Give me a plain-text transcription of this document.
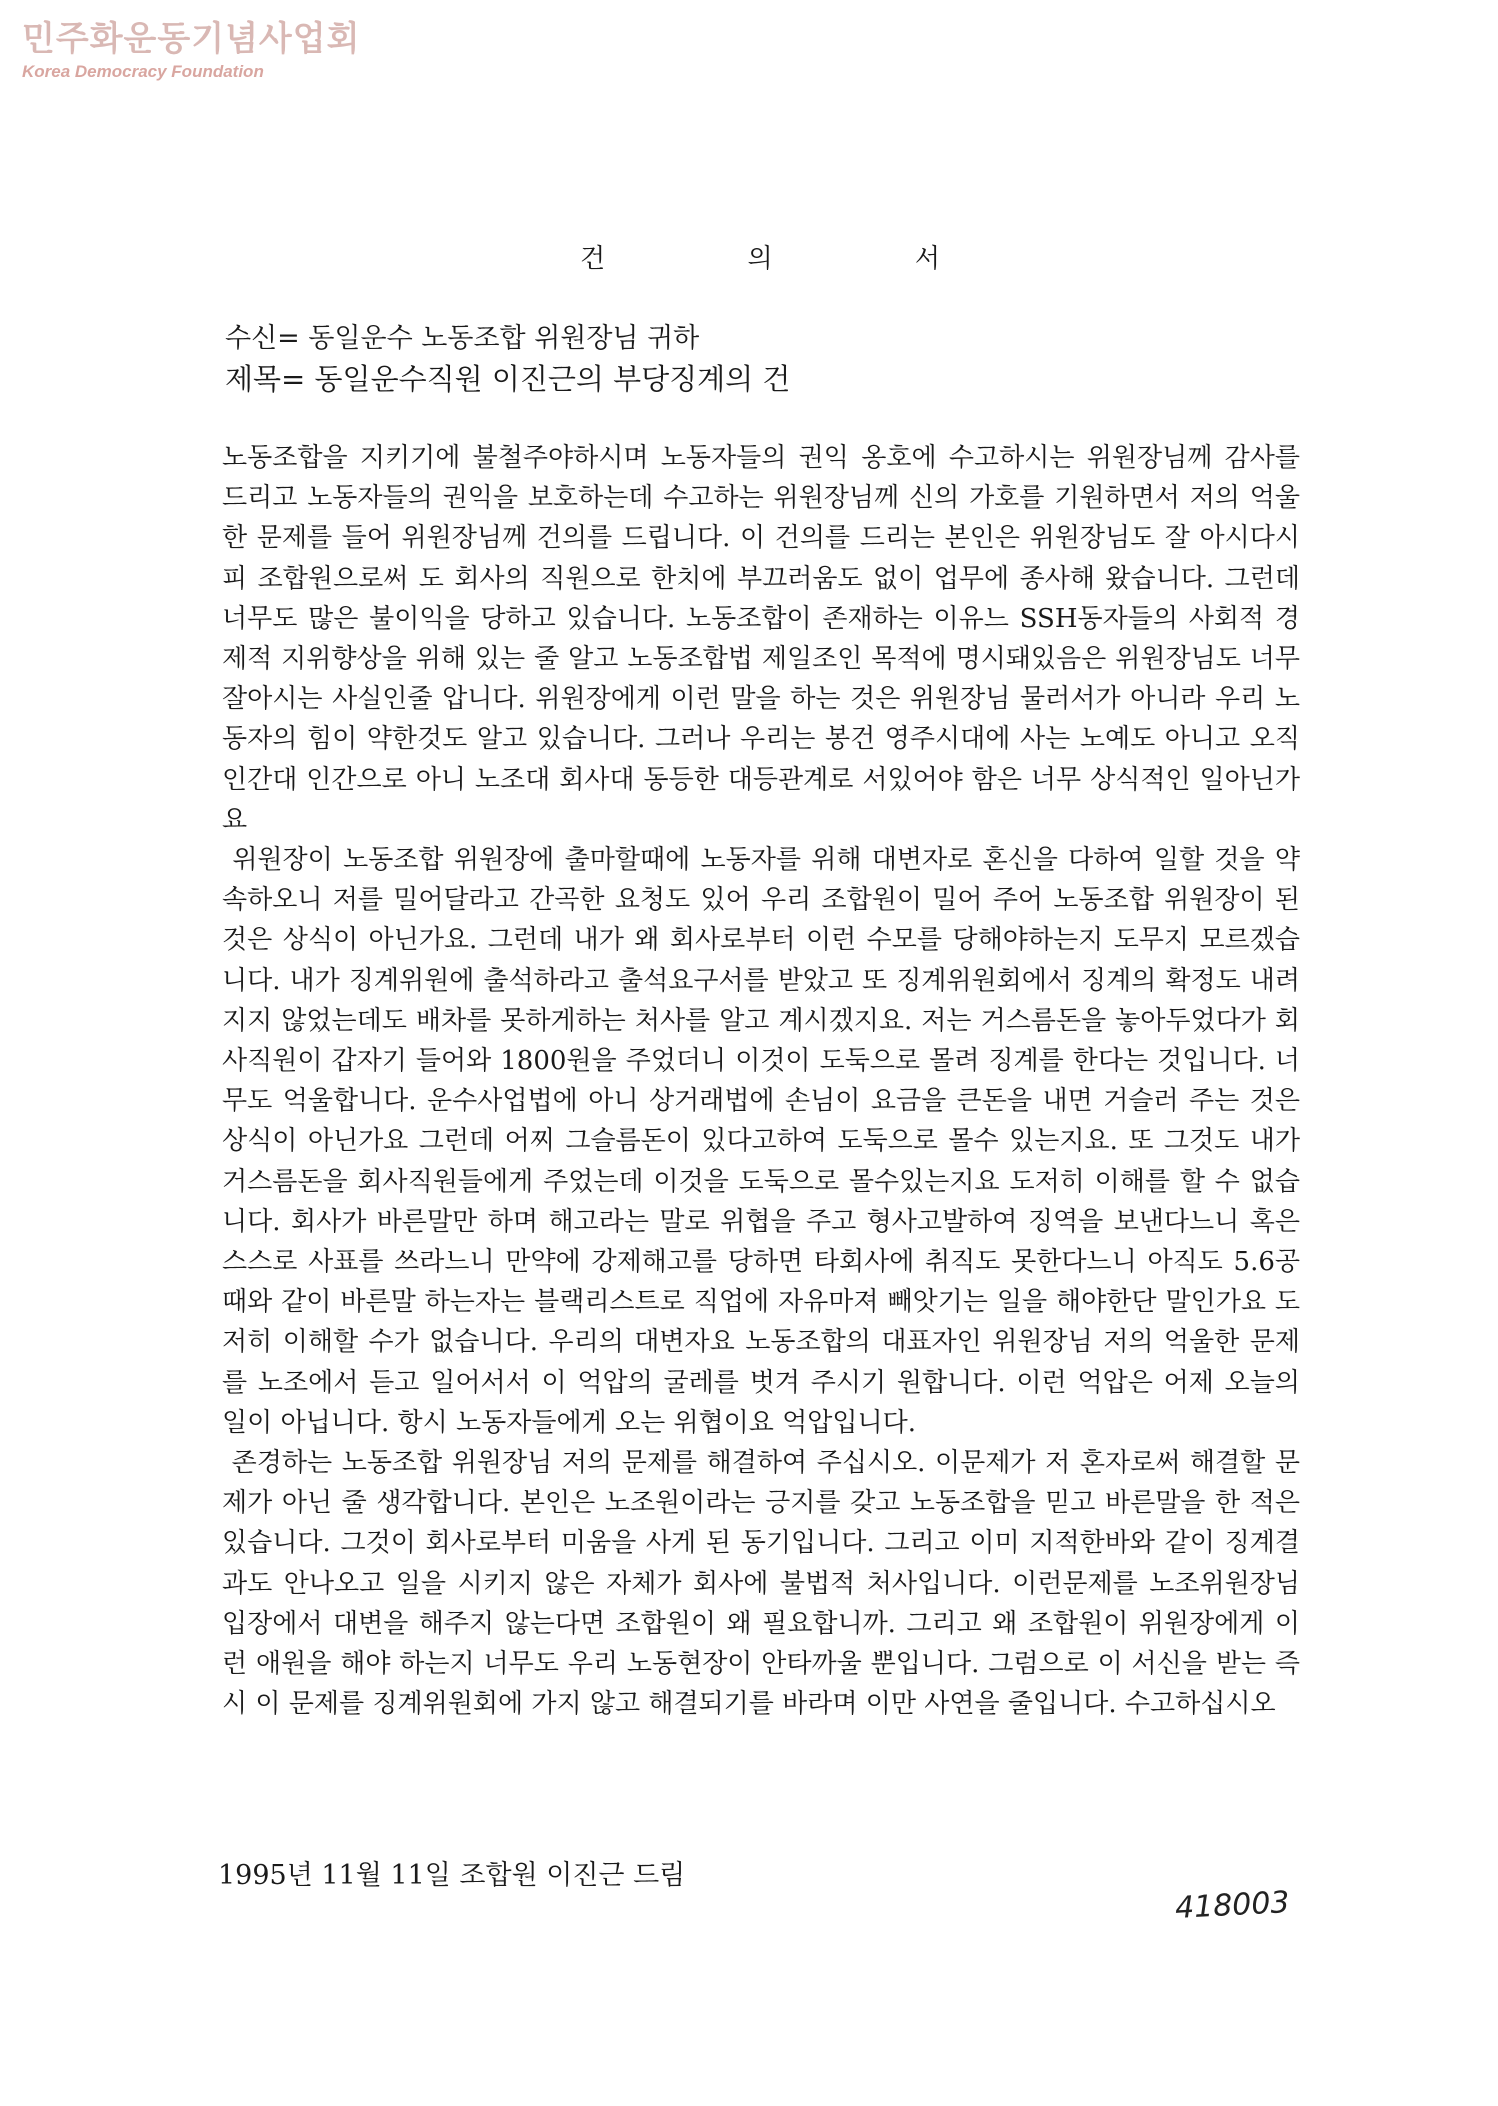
민주화운동기념사업회
Korea Democracy Foundation
건	의	서
수신= 동일운수 노동조합 위원장님 귀하
제목= 동일운수직원 이진근의 부당징계의 건

노동조합을 지키기에 불철주야하시며 노동자들의 권익 옹호에 수고하시는 위원장님께 감사를 드리고 노동자들의 권익을 보호하는데 수고하는 위원장님께 신의 가호를 기원하면서 저의 억울한 문제를 들어 위원장님께 건의를 드립니다. 이 건의를 드리는 본인은 위원장님도 잘 아시다시피 조합원으로써 도 회사의 직원으로 한치에 부끄러움도 없이 업무에 종사해 왔습니다. 그런데 너무도 많은 불이익을 당하고 있습니다. 노동조합이 존재하는 이유느 SSH동자들의 사회적 경제적 지위향상을 위해 있는 줄 알고 노동조합법 제일조인 목적에 명시돼있음은 위원장님도 너무 잘아시는 사실인줄 압니다. 위원장에게 이런 말을 하는 것은 위원장님 물러서가 아니라 우리 노동자의 힘이 약한것도 알고 있습니다. 그러나 우리는 봉건 영주시대에 사는 노예도 아니고 오직 인간대 인간으로 아니 노조대 회사대 동등한 대등관계로 서있어야 함은 너무 상식적인 일아닌가요

위원장이 노동조합 위원장에 출마할때에 노동자를 위해 대변자로 혼신을 다하여 일할 것을 약속하오니 저를 밀어달라고 간곡한 요청도 있어 우리 조합원이 밀어 주어 노동조합 위원장이 된 것은 상식이 아닌가요. 그런데 내가 왜 회사로부터 이런 수모를 당해야하는지 도무지 모르겠습니다. 내가 징계위원에 출석하라고 출석요구서를 받았고 또 징계위원회에서 징계의 확정도 내려지지 않었는데도 배차를 못하게하는 처사를 알고 계시겠지요. 저는 거스름돈을 놓아두었다가 회사직원이 갑자기 들어와 1800원을 주었더니 이것이 도둑으로 몰려 징계를 한다는 것입니다. 너무도 억울합니다. 운수사업법에 아니 상거래법에 손님이 요금을 큰돈을 내면 거슬러 주는 것은 상식이 아닌가요 그런데 어찌 그슬름돈이 있다고하여 도둑으로 몰수 있는지요. 또 그것도 내가 거스름돈을 회사직원들에게 주었는데 이것을 도둑으로 몰수있는지요 도저히 이해를 할 수 없습니다. 회사가 바른말만 하며 해고라는 말로 위협을 주고 형사고발하여 징역을 보낸다느니 혹은 스스로 사표를 쓰라느니 만약에 강제해고를 당하면 타회사에 취직도 못한다느니 아직도 5.6공때와 같이 바른말 하는자는 블랙리스트로 직업에 자유마져 빼앗기는 일을 해야한단 말인가요 도저히 이해할 수가 없습니다. 우리의 대변자요 노동조합의 대표자인 위원장님 저의 억울한 문제를 노조에서 듣고 일어서서 이 억압의 굴레를 벗겨 주시기 원합니다. 이런 억압은 어제 오늘의 일이 아닙니다. 항시 노동자들에게 오는 위협이요 억압입니다.

존경하는 노동조합 위원장님 저의 문제를 해결하여 주십시오. 이문제가 저 혼자로써 해결할 문제가 아닌 줄 생각합니다. 본인은 노조원이라는 긍지를 갖고 노동조합을 믿고 바른말을 한 적은 있습니다. 그것이 회사로부터 미움을 사게 된 동기입니다. 그리고 이미 지적한바와 같이 징계결과도 안나오고 일을 시키지 않은 자체가 회사에 불법적 처사입니다. 이런문제를 노조위원장님 입장에서 대변을 해주지 않는다면 조합원이 왜 필요합니까. 그리고 왜 조합원이 위원장에게 이런 애원을 해야 하는지 너무도 우리 노동현장이 안타까울 뿐입니다. 그럼으로 이 서신을 받는 즉시 이 문제를 징계위원회에 가지 않고 해결되기를 바라며 이만 사연을 줄입니다. 수고하십시오

1995년 11월 11일 조합원 이진근 드림
418003
